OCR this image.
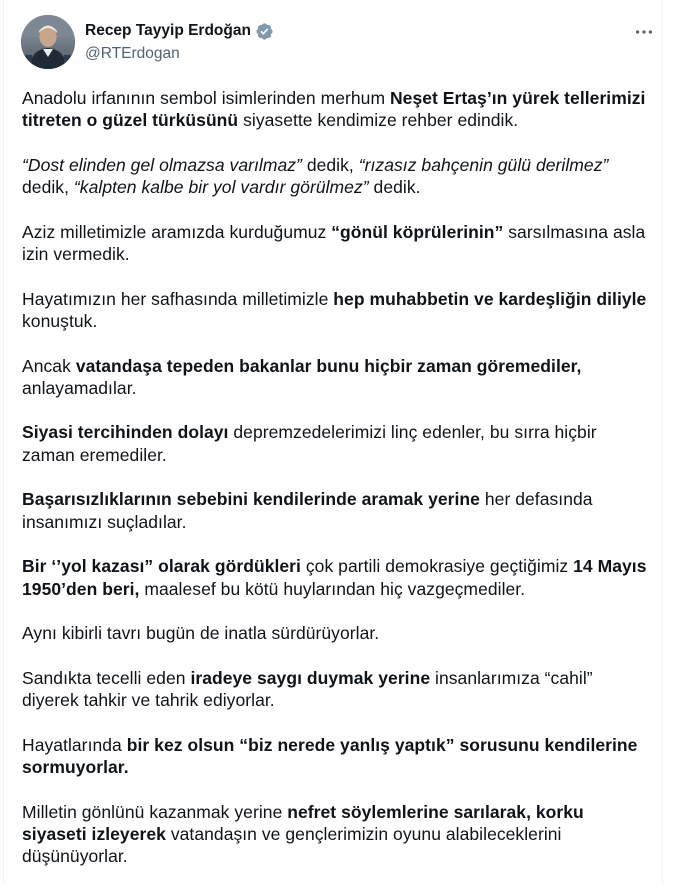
Recep Tayyip Erdoğan
@RTErdogan

Anadolu irfanının sembol isimlerinden merhum Neşet Ertaş’ın yürek tellerimizi titreten o güzel türküsünü siyasette kendimize rehber edindik.

“Dost elinden gel olmazsa varılmaz” dedik, “rızasız bahçenin gülü derilmez” dedik, “kalpten kalbe bir yol vardır görülmez” dedik.

Aziz milletimizle aramızda kurduğumuz “gönül köprülerinin” sarsılmasına asla izin vermedik.

Hayatımızın her safhasında milletimizle hep muhabbetin ve kardeşliğin diliyle konuştuk.

Ancak vatandaşa tepeden bakanlar bunu hiçbir zaman göremediler, anlayamadılar.

Siyasi tercihinden dolayı depremzedelerimizi linç edenler, bu sırra hiçbir zaman eremediler.

Başarısızlıklarının sebebini kendilerinde aramak yerine her defasında insanımızı suçladılar.

Bir ‘’yol kazası” olarak gördükleri çok partili demokrasiye geçtiğimiz 14 Mayıs 1950’den beri, maalesef bu kötü huylarından hiç vazgeçmediler.

Aynı kibirli tavrı bugün de inatla sürdürüyorlar.

Sandıkta tecelli eden iradeye saygı duymak yerine insanlarımıza “cahil” diyerek tahkir ve tahrik ediyorlar.

Hayatlarında bir kez olsun “biz nerede yanlış yaptık” sorusunu kendilerine sormuyorlar.

Milletin gönlünü kazanmak yerine nefret söylemlerine sarılarak, korku siyaseti izleyerek vatandaşın ve gençlerimizin oyunu alabileceklerini düşünüyorlar.
